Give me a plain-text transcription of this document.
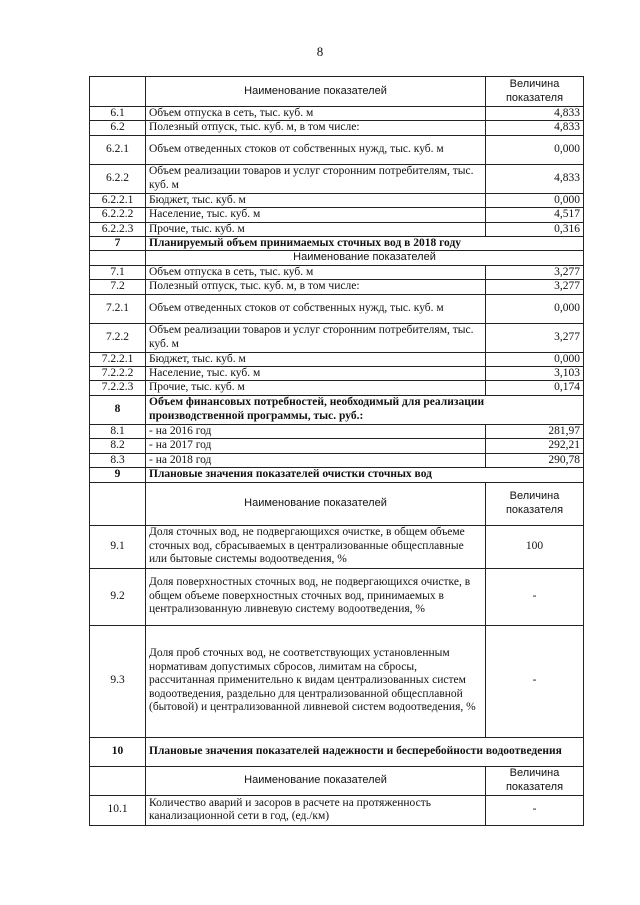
8
	Наименование показателей	Величина показателя
6.1	Объем отпуска в сеть, тыс. куб. м	4,833
6.2	Полезный отпуск, тыс. куб. м, в том числе:	4,833
6.2.1	Объем отведенных стоков от собственных нужд, тыс. куб. м	0,000
6.2.2	Объем реализации товаров и услуг сторонним потребителям, тыс. куб. м	4,833
6.2.2.1	Бюджет, тыс. куб. м	0,000
6.2.2.2	Население, тыс. куб. м	4,517
6.2.2.3	Прочие, тыс. куб. м	0,316
7	Планируемый объем принимаемых сточных вод в 2018 году	
	Наименование показателей	
7.1	Объем отпуска в сеть, тыс. куб. м	3,277
7.2	Полезный отпуск, тыс. куб. м, в том числе:	3,277
7.2.1	Объем отведенных стоков от собственных нужд, тыс. куб. м	0,000
7.2.2	Объем реализации товаров и услуг сторонним потребителям, тыс. куб. м	3,277
7.2.2.1	Бюджет, тыс. куб. м	0,000
7.2.2.2	Население, тыс. куб. м	3,103
7.2.2.3	Прочие, тыс. куб. м	0,174
8	Объем финансовых потребностей, необходимый для реализации производственной программы, тыс. руб.:	
8.1	- на 2016 год	281,97
8.2	- на 2017 год	292,21
8.3	- на 2018 год	290,78
9	Плановые значения показателей очистки сточных вод	
	Наименование показателей	Величина показателя
9.1	Доля сточных вод, не подвергающихся очистке, в общем объеме сточных вод, сбрасываемых в централизованные общесплавные или бытовые системы водоотведения, %	100
9.2	Доля поверхностных сточных вод, не подвергающихся очистке, в общем объеме поверхностных сточных вод, принимаемых в централизованную ливневую систему водоотведения, %	-
9.3	Доля проб сточных вод, не соответствующих установленным нормативам допустимых сбросов, лимитам на сбросы, рассчитанная применительно к видам централизованных систем водоотведения, раздельно для централизованной общесплавной (бытовой) и централизованной ливневой систем водоотведения, %	-
10	Плановые значения показателей надежности и бесперебойности водоотведения	
	Наименование показателей	Величина показателя
10.1	Количество аварий и засоров в расчете на протяженность канализационной сети в год, (ед./км)	-
